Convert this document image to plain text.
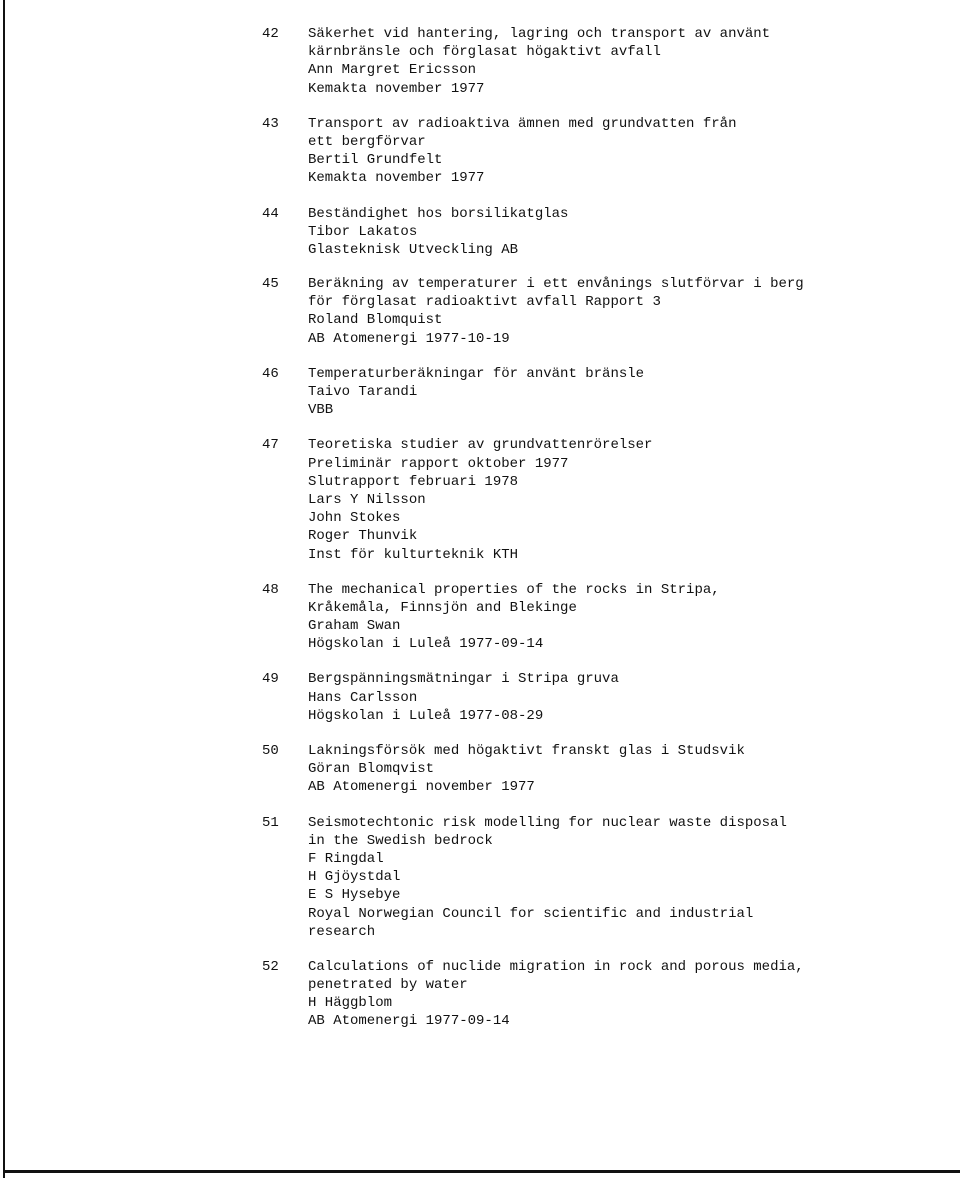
42	Säkerhet vid hantering, lagring och transport av använt
kärnbränsle och förglasat högaktivt avfall
Ann Margret Ericsson
Kemakta november 1977
43	Transport av radioaktiva ämnen med grundvatten från
ett bergförvar
Bertil Grundfelt
Kemakta november 1977
44	Beständighet hos borsilikatglas
Tibor Lakatos
Glasteknisk Utveckling AB
45	Beräkning av temperaturer i ett envånings slutförvar i berg
för förglasat radioaktivt avfall Rapport 3
Roland Blomquist
AB Atomenergi 1977-10-19
46	Temperaturberäkningar för använt bränsle
Taivo Tarandi
VBB
47	Teoretiska studier av grundvattenrörelser
Preliminär rapport oktober 1977
Slutrapport februari 1978
Lars Y Nilsson
John Stokes
Roger Thunvik
Inst för kulturteknik KTH
48	The mechanical properties of the rocks in Stripa,
Kråkemåla, Finnsjön and Blekinge
Graham Swan
Högskolan i Luleå 1977-09-14
49	Bergspänningsmätningar i Stripa gruva
Hans Carlsson
Högskolan i Luleå 1977-08-29
50	Lakningsförsök med högaktivt franskt glas i Studsvik
Göran Blomqvist
AB Atomenergi november 1977
51	Seismotechtonic risk modelling for nuclear waste disposal
in the Swedish bedrock
F Ringdal
H Gjöystdal
E S Hysebye
Royal Norwegian Council for scientific and industrial
research
52	Calculations of nuclide migration in rock and porous media,
penetrated by water
H Häggblom
AB Atomenergi 1977-09-14
